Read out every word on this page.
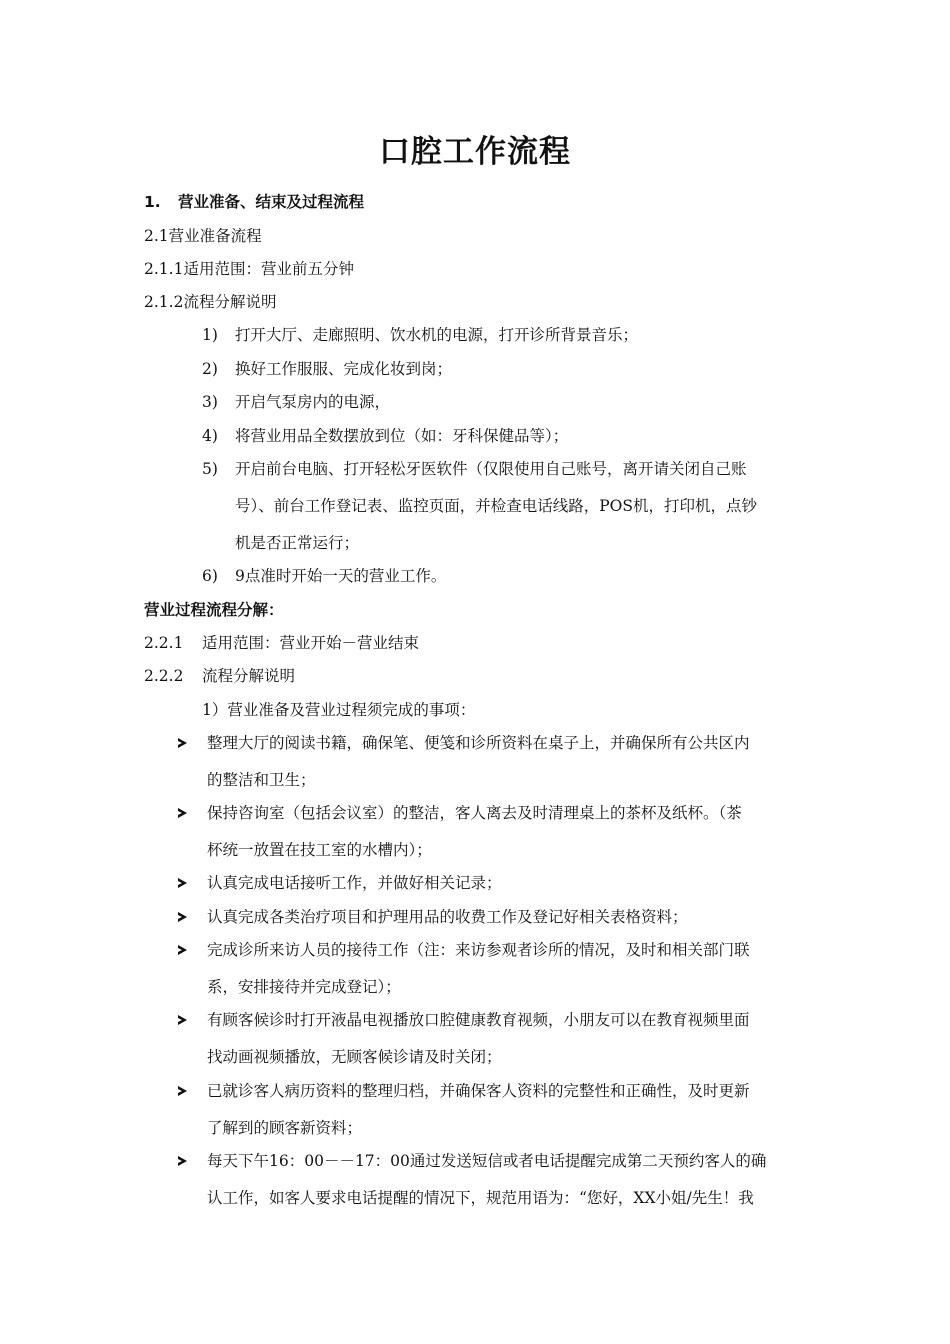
口腔工作流程
1. 营业准备、结束及过程流程
2.1营业准备流程
2.1.1适用范围：营业前五分钟
2.1.2流程分解说明
1) 打开大厅、走廊照明、饮水机的电源，打开诊所背景音乐；
2) 换好工作服服、完成化妆到岗；
3) 开启气泵房内的电源，
4) 将营业用品全数摆放到位（如：牙科保健品等）；
5) 开启前台电脑、打开轻松牙医软件（仅限使用自己账号，离开请关闭自己账
号）、前台工作登记表、监控页面，并检查电话线路，POS机，打印机，点钞
机是否正常运行；
6) 9点准时开始一天的营业工作。
营业过程流程分解：
2.2.1 适用范围：营业开始－营业结束
2.2.2 流程分解说明
1）营业准备及营业过程须完成的事项：
整理大厅的阅读书籍，确保笔、便笺和诊所资料在桌子上，并确保所有公共区内
的整洁和卫生；
保持咨询室（包括会议室）的整洁，客人离去及时清理桌上的茶杯及纸杯。（茶
杯统一放置在技工室的水槽内）；
认真完成电话接听工作，并做好相关记录；
认真完成各类治疗项目和护理用品的收费工作及登记好相关表格资料；
完成诊所来访人员的接待工作（注：来访参观者诊所的情况，及时和相关部门联
系，安排接待并完成登记）；
有顾客候诊时打开液晶电视播放口腔健康教育视频，小朋友可以在教育视频里面
找动画视频播放，无顾客候诊请及时关闭；
已就诊客人病历资料的整理归档，并确保客人资料的完整性和正确性，及时更新
了解到的顾客新资料；
每天下午16：00－－17：00通过发送短信或者电话提醒完成第二天预约客人的确
认工作，如客人要求电话提醒的情况下，规范用语为：“您好，XX小姐/先生！我
